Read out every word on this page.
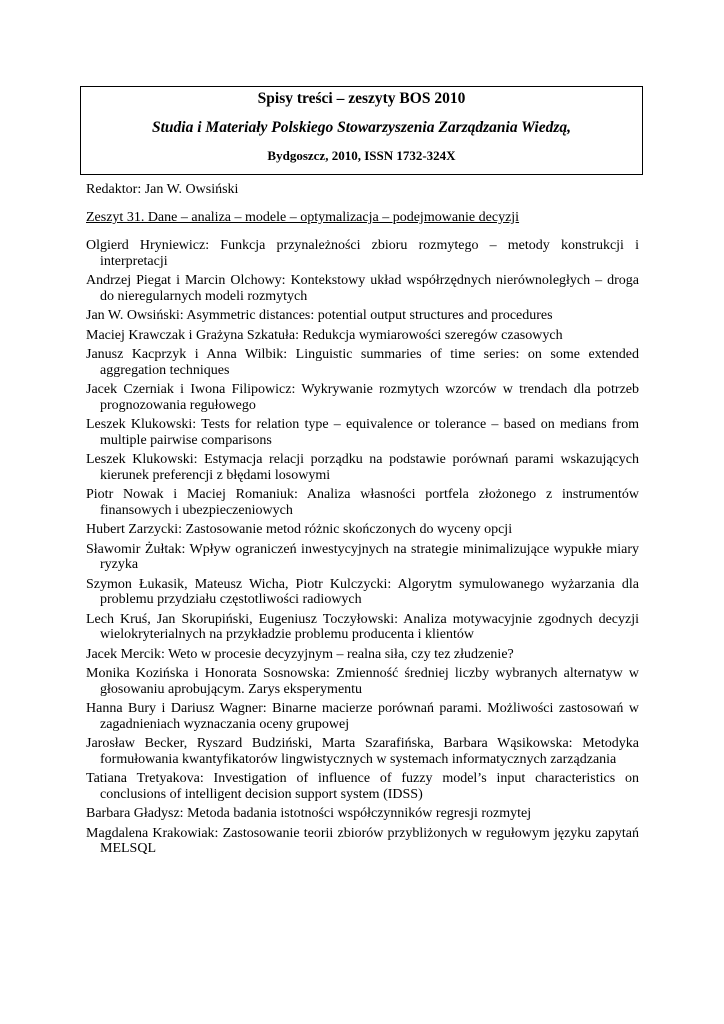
Spisy treści – zeszyty BOS 2010
Studia i Materiały Polskiego Stowarzyszenia Zarządzania Wiedzą,
Bydgoszcz, 2010, ISSN 1732-324X
Redaktor: Jan W. Owsiński
Zeszyt 31. Dane – analiza – modele – optymalizacja – podejmowanie decyzji
Olgierd Hryniewicz: Funkcja przynależności zbioru rozmytego – metody konstrukcji i interpretacji
Andrzej Piegat i Marcin Olchowy: Kontekstowy układ współrzędnych nierównoległych – droga do nieregularnych modeli rozmytych
Jan W. Owsiński: Asymmetric distances: potential output structures and procedures
Maciej Krawczak i Grażyna Szkatuła: Redukcja wymiarowości szeregów czasowych
Janusz Kacprzyk i Anna Wilbik: Linguistic summaries of time series: on some extended aggregation techniques
Jacek Czerniak i Iwona Filipowicz: Wykrywanie rozmytych wzorców w trendach dla potrzeb prognozowania regułowego
Leszek Klukowski: Tests for relation type – equivalence or tolerance – based on medians from multiple pairwise comparisons
Leszek Klukowski: Estymacja relacji porządku na podstawie porównań parami wskazujących kierunek preferencji z błędami losowymi
Piotr Nowak i Maciej Romaniuk: Analiza własności portfela złożonego z instrumentów finansowych i ubezpieczeniowych
Hubert Zarzycki: Zastosowanie metod różnic skończonych do wyceny opcji
Sławomir Żułtak: Wpływ ograniczeń inwestycyjnych na strategie minimalizujące wypukłe miary ryzyka
Szymon Łukasik, Mateusz Wicha, Piotr Kulczycki: Algorytm symulowanego wyżarzania dla problemu przydziału częstotliwości radiowych
Lech Kruś, Jan Skorupiński, Eugeniusz Toczyłowski: Analiza motywacyjnie zgodnych decyzji wielokryterialnych na przykładzie problemu producenta i klientów
Jacek Mercik: Weto w procesie decyzyjnym – realna siła, czy tez złudzenie?
Monika Kozińska i Honorata Sosnowska: Zmienność średniej liczby wybranych alternatyw w głosowaniu aprobującym. Zarys eksperymentu
Hanna Bury i Dariusz Wagner: Binarne macierze porównań parami. Możliwości zastosowań w zagadnieniach wyznaczania oceny grupowej
Jarosław Becker, Ryszard Budziński, Marta Szarafińska, Barbara Wąsikowska: Metodyka formułowania kwantyfikatorów lingwistycznych w systemach informatycznych zarządzania
Tatiana Tretyakova: Investigation of influence of fuzzy model’s input characteristics on conclusions of intelligent decision support system (IDSS)
Barbara Gładysz: Metoda badania istotności współczynników regresji rozmytej
Magdalena Krakowiak: Zastosowanie teorii zbiorów przybliżonych w regułowym języku zapytań MELSQL
